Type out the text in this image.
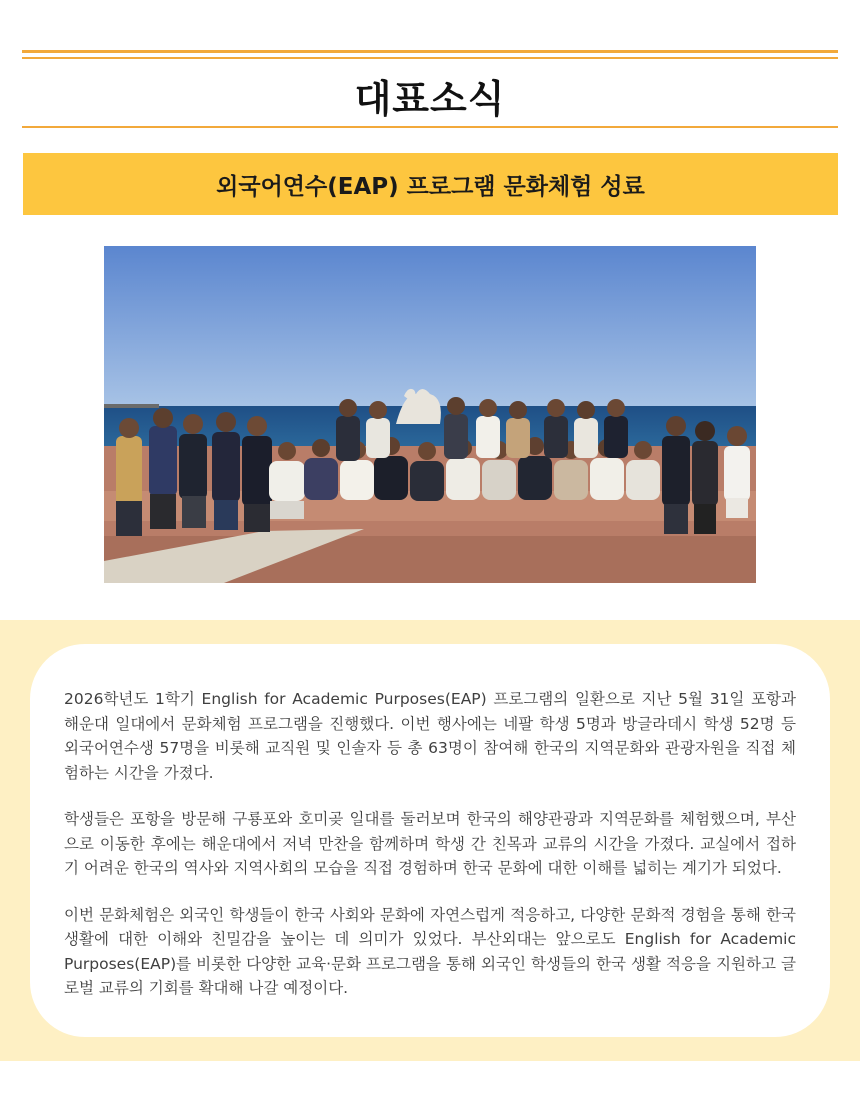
대표소식
외국어연수(EAP) 프로그램 문화체험 성료

2026학년도 1학기 English for Academic Purposes(EAP) 프로그램의 일환으로 지난 5월 31일 포항과 해운대 일대에서 문화체험 프로그램을 진행했다. 이번 행사에는 네팔 학생 5명과 방글라데시 학생 52명 등 외국어연수생 57명을 비롯해 교직원 및 인솔자 등 총 63명이 참여해 한국의 지역문화와 관광자원을 직접 체험하는 시간을 가졌다.

학생들은 포항을 방문해 구룡포와 호미곶 일대를 둘러보며 한국의 해양관광과 지역문화를 체험했으며, 부산으로 이동한 후에는 해운대에서 저녁 만찬을 함께하며 학생 간 친목과 교류의 시간을 가졌다. 교실에서 접하기 어려운 한국의 역사와 지역사회의 모습을 직접 경험하며 한국 문화에 대한 이해를 넓히는 계기가 되었다.

이번 문화체험은 외국인 학생들이 한국 사회와 문화에 자연스럽게 적응하고, 다양한 문화적 경험을 통해 한국 생활에 대한 이해와 친밀감을 높이는 데 의미가 있었다. 부산외대는 앞으로도 English for Academic Purposes(EAP)를 비롯한 다양한 교육·문화 프로그램을 통해 외국인 학생들의 한국 생활 적응을 지원하고 글로벌 교류의 기회를 확대해 나갈 예정이다.
